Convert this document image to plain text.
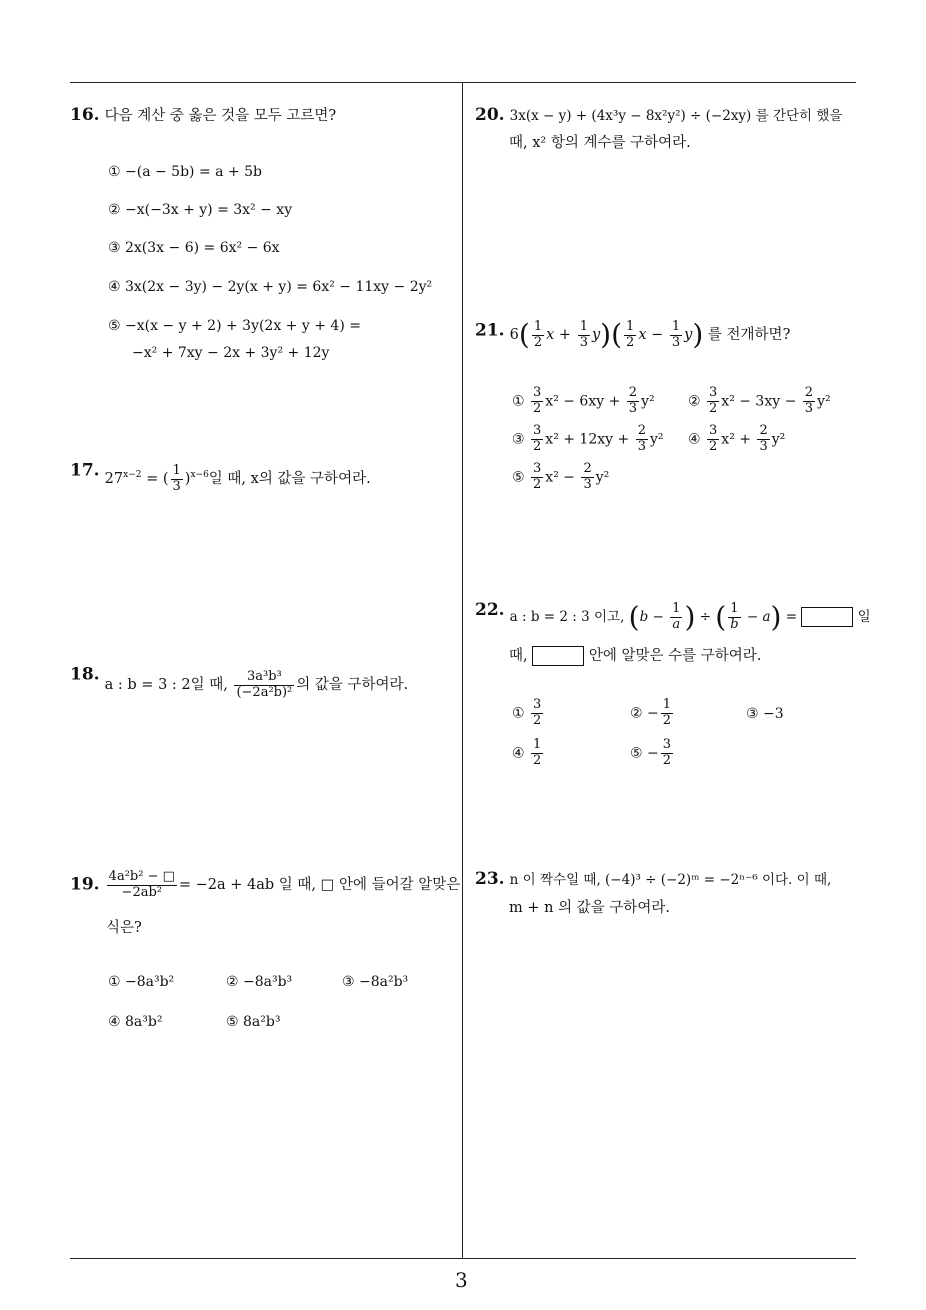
16. 다음 계산 중 옳은 것을 모두 고르면?
① −(a − 5b) = a + 5b
② −x(−3x + y) = 3x² − xy
③ 2x(3x − 6) = 6x² − 6x
④ 3x(2x − 3y) − 2y(x + y) = 6x² − 11xy − 2y²
⑤ −x(x − y + 2) + 3y(2x + y + 4) =
−x² + 7xy − 2x + 3y² + 12y
17. $27^{x-2}$ = ( $\frac{1}{3} )^{x-6}$일 때, x의 값을 구하여라.
18. a : b = 3 : 2일 때, $\frac{\text{3a³b³}}{\text{(−2a²b)²}}$ 의 값을 구하여라.
19. $\frac{\text{4a²b² − □}}{\text{−2ab²}} = -2a + 4ab$ 일 때, □ 안에 들어갈 알맞은
식은?
① −8a³b²	② −8a³b³	③ −8a²b³
④ 8a³b²	⑤ 8a²b³
20. 3x(x − y) + (4x³y − 8x²y²) ÷ (−2xy) 를 간단히 했을
때, x² 항의 계수를 구하여라.
21. $6( \frac{1}{2}$ $x + \frac{1}{3} y)( \frac{1}{2}$ $x - \frac{1}{3} y$) 를 전개하면?
① $\frac{3}{2} x^2 - 6xy + \frac{2}{3} y^2$ ② $\frac{3}{2} x^2 - 3xy - \frac{2}{3} y^2$
③ $\frac{3}{2} x^2 + 12xy + \frac{2}{3} y^2$ ④ $\frac{3}{2} x^2 + \frac{2}{3} y^2$
⑤ $\frac{3}{2} x^2 - \frac{2}{3} y^2$
22. $_{a : b = 2 : 3 이고, (b - \frac{1}{a} ) \div ( \frac{1}{b} - a) = 일}$
때,	안에 알맞은 수를 구하여라.
① $\frac{3}{2}$	② − $\frac{1}{2}$	③ −3
④ $\frac{1}{2}$	⑤ − $\frac{3}{2}$
23. n 이 짝수일 때, (−4)³ ÷ (−2)ᵐ = −2ⁿ⁻⁶ 이다. 이 때,
m + n 의 값을 구하여라.
3
